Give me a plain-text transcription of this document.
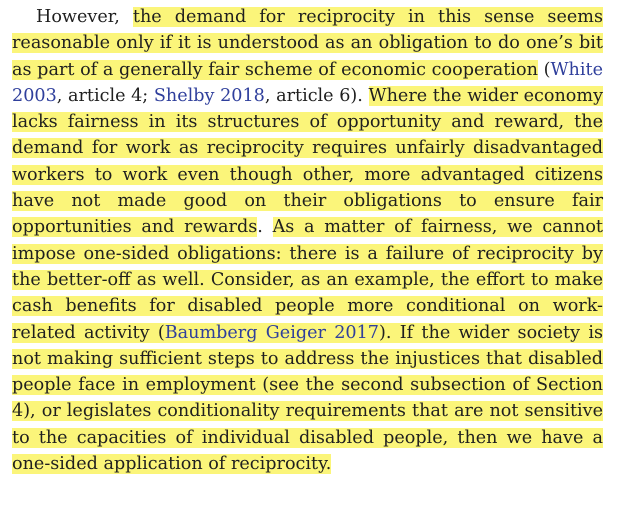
However, the demand for reciprocity in this sense seems reasonable only if it is understood as an obligation to do one’s bit as part of a generally fair scheme of economic cooperation (White 2003, article 4; Shelby 2018, article 6). Where the wider economy lacks fairness in its structures of opportunity and reward, the demand for work as reciprocity requires unfairly disadvantaged workers to work even though other, more advantaged citizens have not made good on their obligations to ensure fair opportunities and rewards. As a matter of fairness, we cannot impose one-sided obligations: there is a failure of reciprocity by the better-off as well. Consider, as an example, the effort to make cash benefits for disabled people more conditional on work-related activity (Baumberg Geiger 2017). If the wider society is not making sufficient steps to address the injustices that disabled people face in employment (see the second subsection of Section 4), or legislates conditionality requirements that are not sensitive to the capacities of individual disabled people, then we have a one-sided application of reciprocity.
